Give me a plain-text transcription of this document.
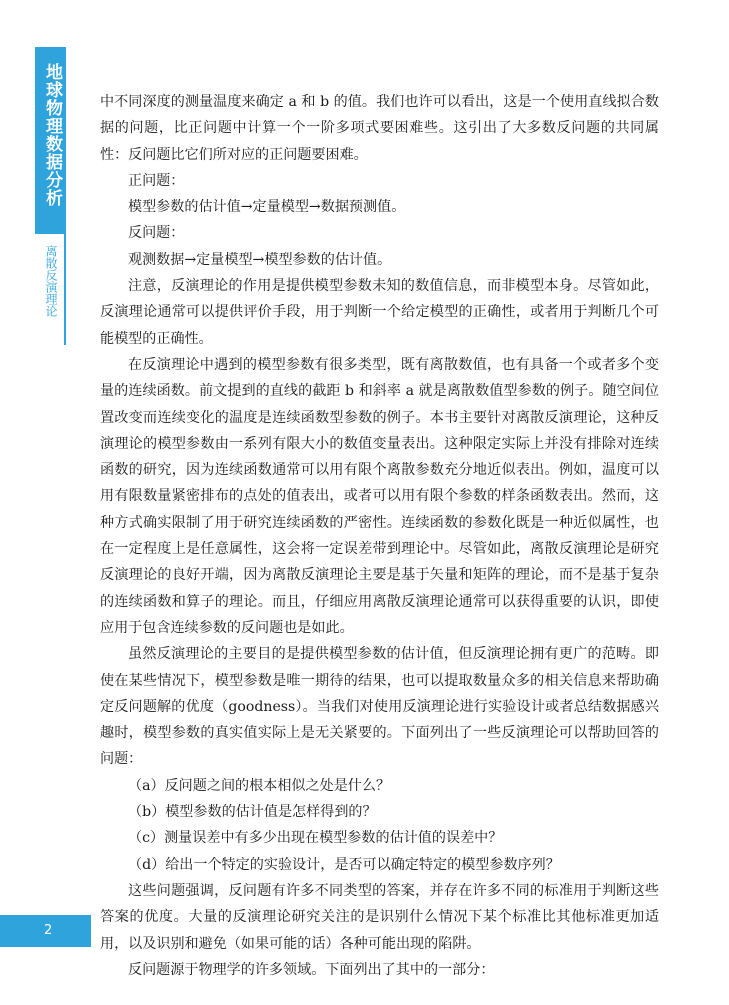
地球物理数据分析
离散反演理论

中不同深度的测量温度来确定 a 和 b 的值。我们也许可以看出，这是一个使用直线拟合数据的问题，比正问题中计算一个一阶多项式要困难些。这引出了大多数反问题的共同属性：反问题比它们所对应的正问题要困难。

正问题：

模型参数的估计值→定量模型→数据预测值。

反问题：

观测数据→定量模型→模型参数的估计值。

注意，反演理论的作用是提供模型参数未知的数值信息，而非模型本身。尽管如此，反演理论通常可以提供评价手段，用于判断一个给定模型的正确性，或者用于判断几个可能模型的正确性。

在反演理论中遇到的模型参数有很多类型，既有离散数值，也有具备一个或者多个变量的连续函数。前文提到的直线的截距 b 和斜率 a 就是离散数值型参数的例子。随空间位置改变而连续变化的温度是连续函数型参数的例子。本书主要针对离散反演理论，这种反演理论的模型参数由一系列有限大小的数值变量表出。这种限定实际上并没有排除对连续函数的研究，因为连续函数通常可以用有限个离散参数充分地近似表出。例如，温度可以用有限数量紧密排布的点处的值表出，或者可以用有限个参数的样条函数表出。然而，这种方式确实限制了用于研究连续函数的严密性。连续函数的参数化既是一种近似属性，也在一定程度上是任意属性，这会将一定误差带到理论中。尽管如此，离散反演理论是研究反演理论的良好开端，因为离散反演理论主要是基于矢量和矩阵的理论，而不是基于复杂的连续函数和算子的理论。而且，仔细应用离散反演理论通常可以获得重要的认识，即使应用于包含连续参数的反问题也是如此。

虽然反演理论的主要目的是提供模型参数的估计值，但反演理论拥有更广的范畴。即使在某些情况下，模型参数是唯一期待的结果，也可以提取数量众多的相关信息来帮助确定反问题解的优度（goodness）。当我们对使用反演理论进行实验设计或者总结数据感兴趣时，模型参数的真实值实际上是无关紧要的。下面列出了一些反演理论可以帮助回答的问题：

（a）反问题之间的根本相似之处是什么？

（b）模型参数的估计值是怎样得到的？

（c）测量误差中有多少出现在模型参数的估计值的误差中？

（d）给出一个特定的实验设计，是否可以确定特定的模型参数序列？

这些问题强调，反问题有许多不同类型的答案，并存在许多不同的标准用于判断这些答案的优度。大量的反演理论研究关注的是识别什么情况下某个标准比其他标准更加适用，以及识别和避免（如果可能的话）各种可能出现的陷阱。

反问题源于物理学的许多领域。下面列出了其中的一部分：

2
